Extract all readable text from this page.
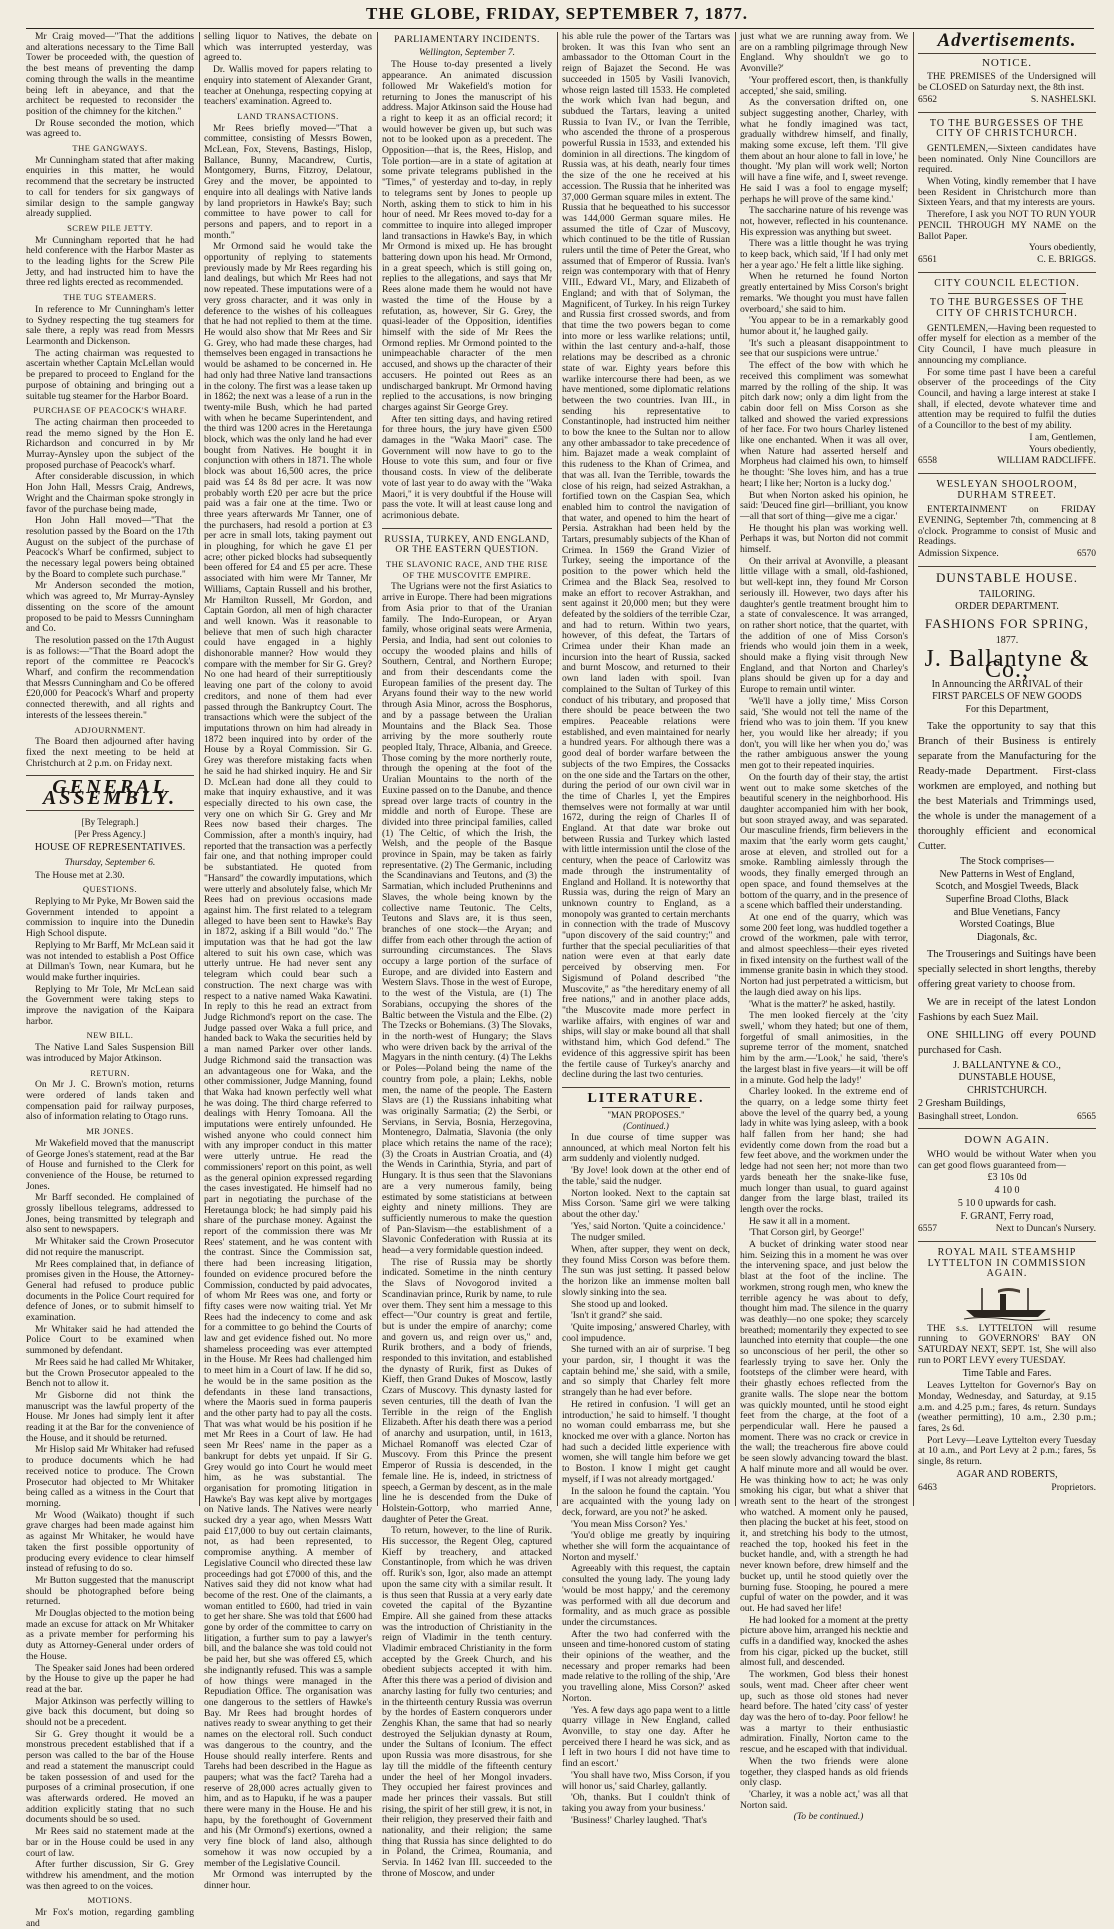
THE GLOBE, FRIDAY, SEPTEMBER 7, 1877.

Mr Craig moved—"That the additions and alterations necessary to the Time Ball Tower be proceeded with, the question of the best means of preventing the damp coming through the walls in the meantime being left in abeyance, and that the architect be requested to reconsider the position of the chimney for the kitchen."

Dr Rouse seconded the motion, which was agreed to.

THE GANGWAYS.

Mr Cunningham stated that after making enquiries in this matter, he would recommend that the secretary be instructed to call for tenders for six gangways of similar design to the sample gangway already supplied.

SCREW PILE JETTY.

Mr Cunningham reported that he had held conference with the Harbor Master as to the leading lights for the Screw Pile Jetty, and had instructed him to have the three red lights erected as recommended.

THE TUG STEAMERS.

In reference to Mr Cunningham's letter to Sydney respecting the tug steamers for sale there, a reply was read from Messrs Learmonth and Dickenson.

The acting chairman was requested to ascertain whether Captain McLellan would be prepared to proceed to England for the purpose of obtaining and bringing out a suitable tug steamer for the Harbor Board.

PURCHASE OF PEACOCK'S WHARF.

The acting chairman then proceeded to read the memo signed by the Hon E. Richardson and concurred in by Mr Murray-Aynsley upon the subject of the proposed purchase of Peacock's wharf.

After considerable discussion, in which Hon John Hall, Messrs Craig, Andrews, Wright and the Chairman spoke strongly in favor of the purchase being made,

Hon John Hall moved—"That the resolution passed by the Board on the 17th August on the subject of the purchase of Peacock's Wharf be confirmed, subject to the necessary legal powers being obtained by the Board to complete such purchase."

Mr Anderson seconded the motion, which was agreed to, Mr Murray-Aynsley dissenting on the score of the amount proposed to be paid to Messrs Cunningham and Co.

The resolution passed on the 17th August is as follows:—"That the Board adopt the report of the committee re Peacock's Wharf, and confirm the recommendation that Messrs Cunningham and Co be offered £20,000 for Peacock's Wharf and property connected therewith, and all rights and interests of the lessees therein."

ADJOURNMENT.

The Board then adjourned after having fixed the next meeting to be held at Christchurch at 2 p.m. on Friday next.

GENERAL ASSEMBLY.

[By Telegraph.]

[Per Press Agency.]

HOUSE OF REPRESENTATIVES.

Thursday, September 6.

The House met at 2.30.

QUESTIONS.

Replying to Mr Pyke, Mr Bowen said the Government intended to appoint a commission to inquire into the Dunedin High School dispute.

Replying to Mr Barff, Mr McLean said it was not intended to establish a Post Office at Dillman's Town, near Kumara, but he would make further inquiries.

Replying to Mr Tole, Mr McLean said the Government were taking steps to improve the navigation of the Kaipara harbor.

NEW BILL.

The Native Land Sales Suspension Bill was introduced by Major Atkinson.

RETURN.

On Mr J. C. Brown's motion, returns were ordered of lands taken and compensation paid for railway purposes, also of information relating to Otago runs.

MR JONES.

Mr Wakefield moved that the manuscript of George Jones's statement, read at the Bar of House and furnished to the Clerk for convenience of the House, be returned to Jones.

Mr Barff seconded. He complained of grossly libellous telegrams, addressed to Jones, being transmitted by telegraph and also sent to newspapers.

Mr Whitaker said the Crown Prosecutor did not require the manuscript.

Mr Rees complained that, in defiance of promises given in the House, the Attorney-General had refused to produce public documents in the Police Court required for defence of Jones, or to submit himself to examination.

Mr Whitaker said he had attended the Police Court to be examined when summoned by defendant.

Mr Rees said he had called Mr Whitaker, but the Crown Prosecutor appealed to the Bench not to allow it.

Mr Gisborne did not think the manuscript was the lawful property of the House. Mr Jones had simply lent it after reading it at the Bar for the convenience of the House, and it should be returned.

Mr Hislop said Mr Whitaker had refused to produce documents which he had received notice to produce. The Crown Prosecutor had objected to Mr Whitaker being called as a witness in the Court that morning.

Mr Wood (Waikato) thought if such grave charges had been made against him as against Mr Whitaker, he would have taken the first possible opportunity of producing every evidence to clear himself instead of refusing to do so.

Mr Button suggested that the manuscript should be photographed before being returned.

Mr Douglas objected to the motion being made an excuse for attack on Mr Whitaker as a private member for performing his duty as Attorney-General under orders of the House.

The Speaker said Jones had been ordered by the House to give up the paper he had read at the bar.

Major Atkinson was perfectly willing to give back this document, but doing so should not be a precedent.

Sir G. Grey thought it would be a monstrous precedent established that if a person was called to the bar of the House and read a statement the manuscript could be taken possession of and used for the purposes of a criminal prosecution, if one was afterwards ordered. He moved an addition explicitly stating that no such documents should be so used.

Mr Rees said no statement made at the bar or in the House could be used in any court of law.

After further discussion, Sir G. Grey withdrew his amendment, and the motion was then agreed to on the voices.

MOTIONS.

Mr Fox's motion, regarding gambling and

selling liquor to Natives, the debate on which was interrupted yesterday, was agreed to.

Dr. Wallis moved for papers relating to enquiry into statement of Alexander Grant, teacher at Onehunga, respecting copying at teachers' examination. Agreed to.

LAND TRANSACTIONS.

Mr Rees briefly moved—"That a committee, consisting of Messrs Bowen, McLean, Fox, Stevens, Bastings, Hislop, Ballance, Bunny, Macandrew, Curtis, Montgomery, Burns, Fitzroy, Delatour, Grey and the mover, be appointed to enquire into all dealings with Native lands by land proprietors in Hawke's Bay; such committee to have power to call for persons and papers, and to report in a month."

Mr Ormond said he would take the opportunity of replying to statements previously made by Mr Rees regarding his land dealings, but which Mr Rees had not now repeated. These imputations were of a very gross character, and it was only in deference to the wishes of his colleagues that he had not replied to them at the time. He would also show that Mr Rees and Sir G. Grey, who had made these charges, had themselves been engaged in transactions he would be ashamed to be concerned in. He had only had three Native land transactions in the colony. The first was a lease taken up in 1862; the next was a lease of a run in the twenty-mile Bush, which he had parted with when he became Superintendent, and the third was 1200 acres in the Heretaunga block, which was the only land he had ever bought from Natives. He bought it in conjunction with others in 1871. The whole block was about 16,500 acres, the price paid was £4 8s 8d per acre. It was now probably worth £20 per acre but the price paid was a fair one at the time. Two or three years afterwards Mr Tanner, one of the purchasers, had resold a portion at £3 per acre in small lots, taking payment out in ploughing, for which he gave £1 per acre; other picked blocks had subsequently been offered for £4 and £5 per acre. These associated with him were Mr Tanner, Mr Williams, Captain Russell and his brother, Mr Hamilton Russell, Mr Gordon, and Captain Gordon, all men of high character and well known. Was it reasonable to believe that men of such high character could have engaged in a highly dishonorable manner? How would they compare with the member for Sir G. Grey? No one had heard of their surreptitiously leaving one part of the colony to avoid creditors, and none of them had ever passed through the Bankruptcy Court. The transactions which were the subject of the imputations thrown on him had already in 1872 been inquired into by order of the House by a Royal Commission. Sir G. Grey was therefore mistaking facts when he said he had shirked inquiry. He and Sir D. McLean had done all they could to make that inquiry exhaustive, and it was especially directed to his own case, the very one on which Sir G. Grey and Mr Rees now based their charges. The Commission, after a month's inquiry, had reported that the transaction was a perfectly fair one, and that nothing improper could be substantiated. He quoted from "Hansard" the cowardly imputations, which were utterly and absolutely false, which Mr Rees had on previous occasions made against him. The first related to a telegram alleged to have been sent to Hawke's Bay in 1872, asking if a Bill would "do." The imputation was that he had got the law altered to suit his own case, which was utterly untrue. He had never sent any telegram which could bear such a construction. The next charge was with respect to a native named Waka Kawatini. In reply to this he read an extract from Judge Richmond's report on the case. The Judge passed over Waka a full price, and handed back to Waka the securities held by a man named Parker over other lands. Judge Richmond said the transaction was an advantageous one for Waka, and the other commissioner, Judge Manning, found that Waka had known perfectly well what he was doing. The third charge referred to dealings with Henry Tomoana. All the imputations were entirely unfounded. He wished anyone who could connect him with any improper conduct in this matter were utterly untrue. He read the commissioners' report on this point, as well as the general opinion expressed regarding the cases investigated. He himself had no part in negotiating the purchase of the Heretaunga block; he had simply paid his share of the purchase money. Against the report of the commission there was Mr Rees' statement, and he was content with the contrast. Since the Commission sat, there had been increasing litigation, founded on evidence procured before the Commission, conducted by paid advocates, of whom Mr Rees was one, and forty or fifty cases were now waiting trial. Yet Mr Rees had the indecency to come and ask for a committee to go behind the Courts of law and get evidence fished out. No more shameless proceeding was ever attempted in the House. Mr Rees had challenged him to meet him in a Court of law. If he did so, he would be in the same position as the defendants in these land transactions, where the Maoris sued in forma pauperis and the other party had to pay all the costs. That was what would be his position if he met Mr Rees in a Court of law. He had seen Mr Rees' name in the paper as a bankrupt for debts yet unpaid. If Sir G. Grey would go into Court he would meet him, as he was substantial. The organisation for promoting litigation in Hawke's Bay was kept alive by mortgages on Native lands. The Natives were nearly sucked dry a year ago, when Messrs Watt paid £17,000 to buy out certain claimants, not, as had been represented, to compromise anything. A member of Legislative Council who directed these law proceedings had got £7000 of this, and the Natives said they did not know what had become of the rest. One of the claimants, a woman entitled to £600, had tried in vain to get her share. She was told that £600 had gone by order of the committee to carry on litigation, a further sum to pay a lawyer's bill, and the balance she was told could not be paid her, but she was offered £5, which she indignantly refused. This was a sample of how things were managed in the Repudiation Office. The organisation was one dangerous to the settlers of Hawke's Bay. Mr Rees had brought hordes of natives ready to swear anything to get their names on the electoral roll. Such conduct was dangerous to the country, and the House should really interfere. Rents and Tarehs had been described in the Hague as paupers; what was the fact? Tareha had a reserve of 28,000 acres actually given to him, and as to Hapuku, if he was a pauper there were many in the House. He and his hapu, by the forethought of Government and his (Mr Ormond's) exertions, owned a very fine block of land also, although somehow it was now occupied by a member of the Legislative Council.

Mr Ormond was interrupted by the dinner hour.

PARLIAMENTARY INCIDENTS.

Wellington, September 7.

The House to-day presented a lively appearance. An animated discussion followed Mr Wakefield's motion for returning to Jones the manuscript of his address. Major Atkinson said the House had a right to keep it as an official record; it would however be given up, but such was not to be looked upon as a precedent. The Opposition—that is, the Rees, Hislop, and Tole portion—are in a state of agitation at some private telegrams published in the "Times," of yesterday and to-day, in reply to telegrams sent by Jones to people up North, asking them to stick to him in his hour of need. Mr Rees moved to-day for a committee to inquire into alleged improper land transactions in Hawke's Bay, in which Mr Ormond is mixed up. He has brought battering down upon his head. Mr Ormond, in a great speech, which is still going on, replies to the allegations, and says that Mr Rees alone made them he would not have wasted the time of the House by a refutation, as, however, Sir G. Grey, the quasi-leader of the Opposition, identifies himself with the side of Mr Rees the Ormond replies. Mr Ormond pointed to the unimpeachable character of the men accused, and shows up the character of their accusers. He pointed out Rees as an undischarged bankrupt. Mr Ormond having replied to the accusations, is now bringing charges against Sir George Grey.

After ten sitting days, and having retired for three hours, the jury have given £500 damages in the "Waka Maori" case. The Government will now have to go to the House to vote this sum, and four or five thousand costs. In view of the deliberate vote of last year to do away with the "Waka Maori," it is very doubtful if the House will pass the vote. It will at least cause long and acrimonious debate.

RUSSIA, TURKEY, AND ENGLAND, OR THE EASTERN QUESTION.

THE SLAVONIC RACE, AND THE RISE OF THE MUSCOVITE EMPIRE.

The Ugrians were not the first Asiatics to arrive in Europe. There had been migrations from Asia prior to that of the Uranian family. The Indo-European, or Aryan family, whose original seats were Armenia, Persia, and India, had sent out colonies to occupy the wooded plains and hills of Southern, Central, and Northern Europe; and from their descendants come the European families of the present day. The Aryans found their way to the new world through Asia Minor, across the Bosphorus, and by a passage between the Uralian Mountains and the Black Sea. Those arriving by the more southerly route peopled Italy, Thrace, Albania, and Greece. Those coming by the more northerly route, through the opening at the foot of the Uralian Mountains to the north of the Euxine passed on to the Danube, and thence spread over large tracts of country in the middle and north of Europe. These are divided into three principal families, called (1) The Celtic, of which the Irish, the Welsh, and the people of the Basque province in Spain, may be taken as fairly representative. (2) The Germanic, including the Scandinavians and Teutons, and (3) the Sarmatian, which included Prutheninns and Slaves, the whole being known by the collective name Teutonic. The Celts, Teutons and Slavs are, it is thus seen, branches of one stock—the Aryan; and differ from each other through the action of surrounding circumstances. The Slavs occupy a large portion of the surface of Europe, and are divided into Eastern and Western Slavs. Those in the west of Europe, to the west of the Vistula, are (1) The Sorabians, occupying the shores of the Baltic between the Vistula and the Elbe. (2) The Tzecks or Bohemians. (3) The Slovaks, in the north-west of Hungary; the Slavs who were driven back by the arrival of the Magyars in the ninth century. (4) The Lekhs or Poles—Poland being the name of the country from pole, a plain; Lekhs, noble men, the name of the people. The Eastern Slavs are (1) the Russians inhabiting what was originally Sarmatia; (2) the Serbi, or Servians, in Servia, Bosnia, Herzegovina, Montenegro, Dalmatia, Slavonia (the only place which retains the name of the race); (3) the Croats in Austrian Croatia, and (4) the Wends in Carinthia, Styria, and part of Hungary. It is thus seen that the Slavonians are a very numerous family, being estimated by some statisticians at between eighty and ninety millions. They are sufficiently numerous to make the question of Pan-Slavism—the establishment of a Slavonic Confederation with Russia at its head—a very formidable question indeed.

The rise of Russia may be shortly indicated. Sometime in the ninth century the Slavs of Novogorod invited a Scandinavian prince, Rurik by name, to rule over them. They sent him a message to this effect—"Our country is great and fertile, but is under the empire of anarchy; come and govern us, and reign over us," and, Rurik brothers, and a body of friends, responded to this invitation, and established the dynasty of Rurik, first as Dukes of Kieff, then Grand Dukes of Moscow, lastly Czars of Muscovy. This dynasty lasted for seven centuries, till the death of Ivan the Terrible in the reign of the English Elizabeth. After his death there was a period of anarchy and usurpation, until, in 1613, Michael Romanoff was elected Czar of Muscovy. From this Prince the present Emperor of Russia is descended, in the female line. He is, indeed, in strictness of speech, a German by descent, as in the male line he is descended from the Duke of Holstein-Gottorp, who married Anne, daughter of Peter the Great.

To return, however, to the line of Rurik. His successor, the Regent Oleg, captured Kieff by treachery, and attacked Constantinople, from which he was driven off. Rurik's son, Igor, also made an attempt upon the same city with a similar result. It is thus seen that Russia at a very early date coveted the capital of the Byzantine Empire. All she gained from these attacks was the introduction of Christianity in the reign of Vladimir in the tenth century. Vladimir embraced Christianity in the form accepted by the Greek Church, and his obedient subjects accepted it with him. After this there was a period of division and anarchy lasting for fully two centuries; and in the thirteenth century Russia was overrun by the hordes of Eastern conquerors under Zenghis Khan, the same that had so nearly destroyed the Seljukian dynasty at Roum, under the Sultans of Iconium. The effect upon Russia was more disastrous, for she lay till the middle of the fifteenth century under the heel of her Mongol invaders. They occupied her fairest provinces and made her princes their vassals. But still rising, the spirit of her still grew, it is not, in their religion, they preserved their faith and nationality, and their religion; the same thing that Russia has since delighted to do in Poland, the Crimea, Roumania, and Servia. In 1462 Ivan III. succeeded to the throne of Moscow, and under

his able rule the power of the Tartars was broken. It was this Ivan who sent an ambassador to the Ottoman Court in the reign of Bajazet the Second. He was succeeded in 1505 by Vasili Ivanovich, whose reign lasted till 1533. He completed the work which Ivan had begun, and subdued the Tartars, leaving a united Russia to Ivan IV., or Ivan the Terrible, who ascended the throne of a prosperous powerful Russia in 1533, and extended his dominion in all directions. The kingdom of Russia was, at his death, nearly four times the size of the one he received at his accession. The Russia that he inherited was 37,000 German square miles in extent. The Russia that he bequeathed to his successor was 144,000 German square miles. He assumed the title of Czar of Muscovy, which continued to be the title of Russian rulers until the time of Peter the Great, who assumed that of Emperor of Russia. Ivan's reign was contemporary with that of Henry VIII., Edward VI., Mary, and Elizabeth of England; and with that of Solyman, the Magnificent, of Turkey. In his reign Turkey and Russia first crossed swords, and from that time the two powers began to come into more or less warlike relations; until, within the last century and-a-half, those relations may be described as a chronic state of war. Eighty years before this warlike intercourse there had been, as we have mentioned, some diplomatic relations between the two countries. Ivan III., in sending his representative to Constantinople, had instructed him neither to bow the knee to the Sultan nor to allow any other ambassador to take precedence of him. Bajazet made a weak complaint of this rudeness to the Khan of Crimea, and that was all. Ivan the Terrible, towards the close of his reign, had seized Astrakhan, a fortified town on the Caspian Sea, which enabled him to control the navigation of that water, and opened to him the heart of Persia. Astrakhan had been held by the Tartars, presumably subjects of the Khan of Crimea. In 1569 the Grand Vizier of Turkey, seeing the importance of the position to the power which held the Crimea and the Black Sea, resolved to make an effort to recover Astrakhan, and sent against it 20,000 men; but they were defeated by the soldiers of the terrible Czar, and had to return. Within two years, however, of this defeat, the Tartars of Crimea under their Khan made an incursion into the heart of Russia, sacked and burnt Moscow, and returned to their own land laden with spoil. Ivan complained to the Sultan of Turkey of this conduct of his tributary, and proposed that there should be peace between the two empires. Peaceable relations were established, and even maintained for nearly a hundred years. For although there was a good deal of border warfare between the subjects of the two Empires, the Cossacks on the one side and the Tartars on the other, during the period of our own civil war in the time of Charles I, yet the Empires themselves were not formally at war until 1672, during the reign of Charles II of England. At that date war broke out between Russia and Turkey which lasted with little intermission until the close of the century, when the peace of Carlowitz was made through the instrumentality of England and Holland. It is noteworthy that Russia was, during the reign of Mary an unknown country to England, as a monopoly was granted to certain merchants in connection with the trade of Muscovy "upon discovery of the said country;" and further that the special peculiarities of that nation were even at that early date perceived by observing men. For Sigismund of Poland described "the Muscovite," as "the hereditary enemy of all free nations," and in another place adds, "the Muscovite made more perfect in warlike affairs, with engines of war and ships, will slay or make bound all that shall withstand him, which God defend." The evidence of this aggressive spirit has been the fertile cause of Turkey's anarchy and decline during the last two centuries.

LITERATURE.

"MAN PROPOSES."

(Continued.)

In due course of time supper was announced, at which meal Norton felt his arm suddenly and violently nudged.

'By Jove! look down at the other end of the table,' said the nudger.

Norton looked. Next to the captain sat Miss Corson. 'Same girl we were talking about the other day.'

'Yes,' said Norton. 'Quite a coincidence.'

The nudger smiled.

When, after supper, they went on deck, they found Miss Corson was before them. The sun was just setting. It passed below the horizon like an immense molten ball slowly sinking into the sea.

She stood up and looked.

'Isn't it grand?' she said.

'Quite imposing,' answered Charley, with cool impudence.

She turned with an air of surprise. 'I beg your pardon, sir, I thought it was the captain behind me,' she said, with a smile, and so simply that Charley felt more strangely than he had ever before.

He retired in confusion. 'I will get an introduction,' he said to himself. 'I thought no woman could embarrass me, but she knocked me over with a glance. Norton has had such a decided little experience with women, she will tangle him before we get to Boston. I know I might get caught myself, if I was not already mortgaged.'

In the saloon he found the captain. 'You are acquainted with the young lady on deck, forward, are you not?' he asked.

'You mean Miss Corson? Yes.'

'You'd oblige me greatly by inquiring whether she will form the acquaintance of Norton and myself.'

Agreeably with this request, the captain consulted the young lady. The young lady 'would be most happy,' and the ceremony was performed with all due decorum and formality, and as much grace as possible under the circumstances.

After the two had conferred with the unseen and time-honored custom of stating their opinions of the weather, and the necessary and proper remarks had been made relative to the rolling of the ship, 'Are you travelling alone, Miss Corson?' asked Norton.

'Yes. A few days ago papa went to a little quarry village in New England, called Avonville, to stay one day. After he perceived there I heard he was sick, and as I left in two hours I did not have time to find an escort.'

'You shall have two, Miss Corson, if you will honor us,' said Charley, gallantly.

'Oh, thanks. But I couldn't think of taking you away from your business.'

'Business!' Charley laughed. 'That's

just what we are running away from. We are on a rambling pilgrimage through New England. Why shouldn't we go to Avonville?'

'Your proffered escort, then, is thankfully accepted,' she said, smiling.

As the conversation drifted on, one subject suggesting another, Charley, with what he fondly imagined was tact, gradually withdrew himself, and finally, making some excuse, left them. 'I'll give them about an hour alone to fall in love,' he thought. 'My plan will work well; Norton will have a fine wife, and I, sweet revenge. He said I was a fool to engage myself; perhaps he will prove of the same kind.'

The saccharine nature of his revenge was not, however, reflected in his countenance. His expression was anything but sweet.

There was a little thought he was trying to keep back, which said, 'If I had only met her a year ago.' He felt a little like sighing.

When he returned he found Norton greatly entertained by Miss Corson's bright remarks. 'We thought you must have fallen overboard,' she said to him.

'You appear to be in a remarkably good humor about it,' he laughed gaily.

'It's such a pleasant disappointment to see that our suspicions were untrue.'

The effect of the bow with which he received this compliment was somewhat marred by the rolling of the ship. It was pitch dark now; only a dim light from the cabin door fell on Miss Corson as she talked and showed the varied expressions of her face. For two hours Charley listened like one enchanted. When it was all over, when Nature had asserted herself and Morpheus had claimed his own, to himself he thought: 'She loves him, and has a true heart; I like her; Norton is a lucky dog.'

But when Norton asked his opinion, he said: 'Deuced fine girl—brilliant, you know—all that sort of thing—give me a cigar.'

He thought his plan was working well. Perhaps it was, but Norton did not commit himself.

On their arrival at Avonville, a pleasant little village with a small, old-fashioned, but well-kept inn, they found Mr Corson seriously ill. However, two days after his daughter's gentle treatment brought him to a state of convalescence. It was arranged, on rather short notice, that the quartet, with the addition of one of Miss Corson's friends who would join them in a week, should make a flying visit through New England, and that Norton and Charley's plans should be given up for a day and Europe to remain until winter.

'We'll have a jolly time,' Miss Corson said, 'She would not tell the name of the friend who was to join them. 'If you knew her, you would like her already; if you don't, you will like her when you do,' was the rather ambiguous answer the young men got to their repeated inquiries.

On the fourth day of their stay, the artist went out to make some sketches of the beautiful scenery in the neighborhood. His daughter accompanied him with her book, but soon strayed away, and was separated. Our masculine friends, firm believers in the maxim that 'the early worm gets caught,' arose at eleven, and strolled out for a smoke. Rambling aimlessly through the woods, they finally emerged through an open space, and found themselves at the bottom of the quarry, and in the presence of a scene which baffled their understanding.

At one end of the quarry, which was some 200 feet long, was huddled together a crowd of the workmen, pale with terror, and almost speechless—their eyes riveted in fixed intensity on the furthest wall of the immense granite basin in which they stood. Norton had just perpetrated a witticism, but the laugh died away on his lips.

'What is the matter?' he asked, hastily.

The men looked fiercely at the 'city swell,' whom they hated; but one of them, forgetful of small animosities, in the supreme terror of the moment, snatched him by the arm.—'Look,' he said, 'there's the largest blast in five years—it will be off in a minute. God help the lady!'

Charley looked. In the extreme end of the quarry, on a ledge some thirty feet above the level of the quarry bed, a young lady in white was lying asleep, with a book half fallen from her hand; she had evidently come down from the road but a few feet above, and the workmen under the ledge had not seen her; not more than two yards beneath her the snake-like fuse, much longer than usual, to guard against danger from the large blast, trailed its length over the rocks.

He saw it all in a moment.

'That Corson girl, by George!'

A bucket of drinking water stood near him. Seizing this in a moment he was over the intervening space, and just below the blast at the foot of the incline. The workmen, strong rough men, who knew the terrible agency he was about to defy, thought him mad. The silence in the quarry was deathly—no one spoke; they scarcely breathed; momentarily they expected to see launched into eternity that couple—the one so unconscious of her peril, the other so fearlessly trying to save her. Only the footsteps of the climber were heard, with their ghastly echoes reflected from the granite walls. The slope near the bottom was quickly mounted, until he stood eight feet from the charge, at the foot of a perpendicular wall. Here he paused a moment. There was no crack or crevice in the wall; the treacherous fire above could be seen slowly advancing toward the blast. A half minute more and all would be over. He was thinking how to act; he was only smoking his cigar, but what a shiver that wreath sent to the heart of the strongest who watched. A moment only he paused, then placing the bucket at his feet, stood on it, and stretching his body to the utmost, reached the top, hooked his feet in the bucket handle, and, with a strength he had never known before, drew himself and the bucket up, until he stood quietly over the burning fuse. Stooping, he poured a mere cupful of water on the powder, and it was out. He had saved her life!

He had looked for a moment at the pretty picture above him, arranged his necktie and cuffs in a dandified way, knocked the ashes from his cigar, picked up the bucket, still almost full, and descended.

The workmen, God bless their honest souls, went mad. Cheer after cheer went up, such as those old stones had never heard before. The hated 'city cass' of yester day was the hero of to-day. Poor fellow! he was a martyr to their enthusiastic admiration. Finally, Norton came to the rescue, and he escaped with that individual.

When the two friends were alone together, they clasped hands as old friends only clasp.

'Charley, it was a noble act,' was all that Norton said.

(To be continued.)

Advertisements.
NOTICE.

THE PREMISES of the Undersigned will be CLOSED on Saturday next, the 8th inst.

6562	S. NASHELSKI.
TO THE BURGESSES OF THE CITY OF CHRISTCHURCH.

GENTLEMEN,—Sixteen candidates have been nominated. Only Nine Councillors are required.

When Voting, kindly remember that I have been Resident in Christchurch more than Sixteen Years, and that my interests are yours.

Therefore, I ask you NOT TO RUN YOUR PENCIL THROUGH MY NAME on the Ballot Paper.

Yours obediently,

6561	C. E. BRIGGS.
CITY COUNCIL ELECTION.
TO THE BURGESSES OF THE CITY OF CHRISTCHURCH.

GENTLEMEN,—Having been requested to offer myself for election as a member of the City Council, I have much pleasure in announcing my compliance.

For some time past I have been a careful observer of the proceedings of the City Council, and having a large interest at stake I shall, if elected, devote whatever time and attention may be required to fulfil the duties of a Councillor to the best of my ability.

I am, Gentlemen,

Yours obediently,

6558	WILLIAM RADCLIFFE.
WESLEYAN SHOOLROOM, DURHAM STREET.

ENTERTAINMENT on FRIDAY EVENING, September 7th, commencing at 8 o'clock. Programme to consist of Music and Readings.

Admission Sixpence.	6570
DUNSTABLE HOUSE.
TAILORING.
ORDER DEPARTMENT.
FASHIONS FOR SPRING,
1877.
J. Ballantyne & Co.,
In Announcing the ARRIVAL of their
FIRST PARCELS OF NEW GOODS
For this Department,

Take the opportunity to say that this Branch of their Business is entirely separate from the Manufacturing for the Ready-made Department. First-class workmen are employed, and nothing but the best Materials and Trimmings used, the whole is under the management of a thoroughly efficient and economical Cutter.

The Stock comprises—
New Patterns in West of England,
Scotch, and Mosgiel Tweeds, Black
Superfine Broad Cloths, Black
and Blue Venetians, Fancy
Worsted Coatings, Blue
Diagonals, &c.

The Trouserings and Suitings have been specially selected in short lengths, thereby offering great variety to choose from.

We are in receipt of the latest London Fashions by each Suez Mail.

ONE SHILLING off every POUND purchased for Cash.

J. BALLANTYNE & CO.,
DUNSTABLE HOUSE,
CHRISTCHURCH.
2 Gresham Buildings,
Basinghall street, London.	6565
DOWN AGAIN.

WHO would be without Water when you can get good flows guaranteed from—

£3 10s 0d
4 10 0
5 10 0 upwards for cash.
F. GRANT, Ferry road,
6557	Next to Duncan's Nursery.
ROYAL MAIL STEAMSHIP LYTTELTON IN COMMISSION AGAIN.

THE s.s. LYTTELTON will resume running to GOVERNORS' BAY ON SATURDAY NEXT, SEPT. 1st, She will also run to PORT LEVY every TUESDAY.

Time Table and Fares.

Leaves Lyttelton for Governor's Bay on Monday, Wednesday, and Saturday, at 9.15 a.m. and 4.25 p.m.; fares, 4s return. Sundays (weather permitting), 10 a.m., 2.30 p.m.; fares, 2s 6d.

Port Levy—Leave Lyttelton every Tuesday at 10 a.m., and Port Levy at 2 p.m.; fares, 5s single, 8s return.

AGAR AND ROBERTS,
6463	Proprietors.
